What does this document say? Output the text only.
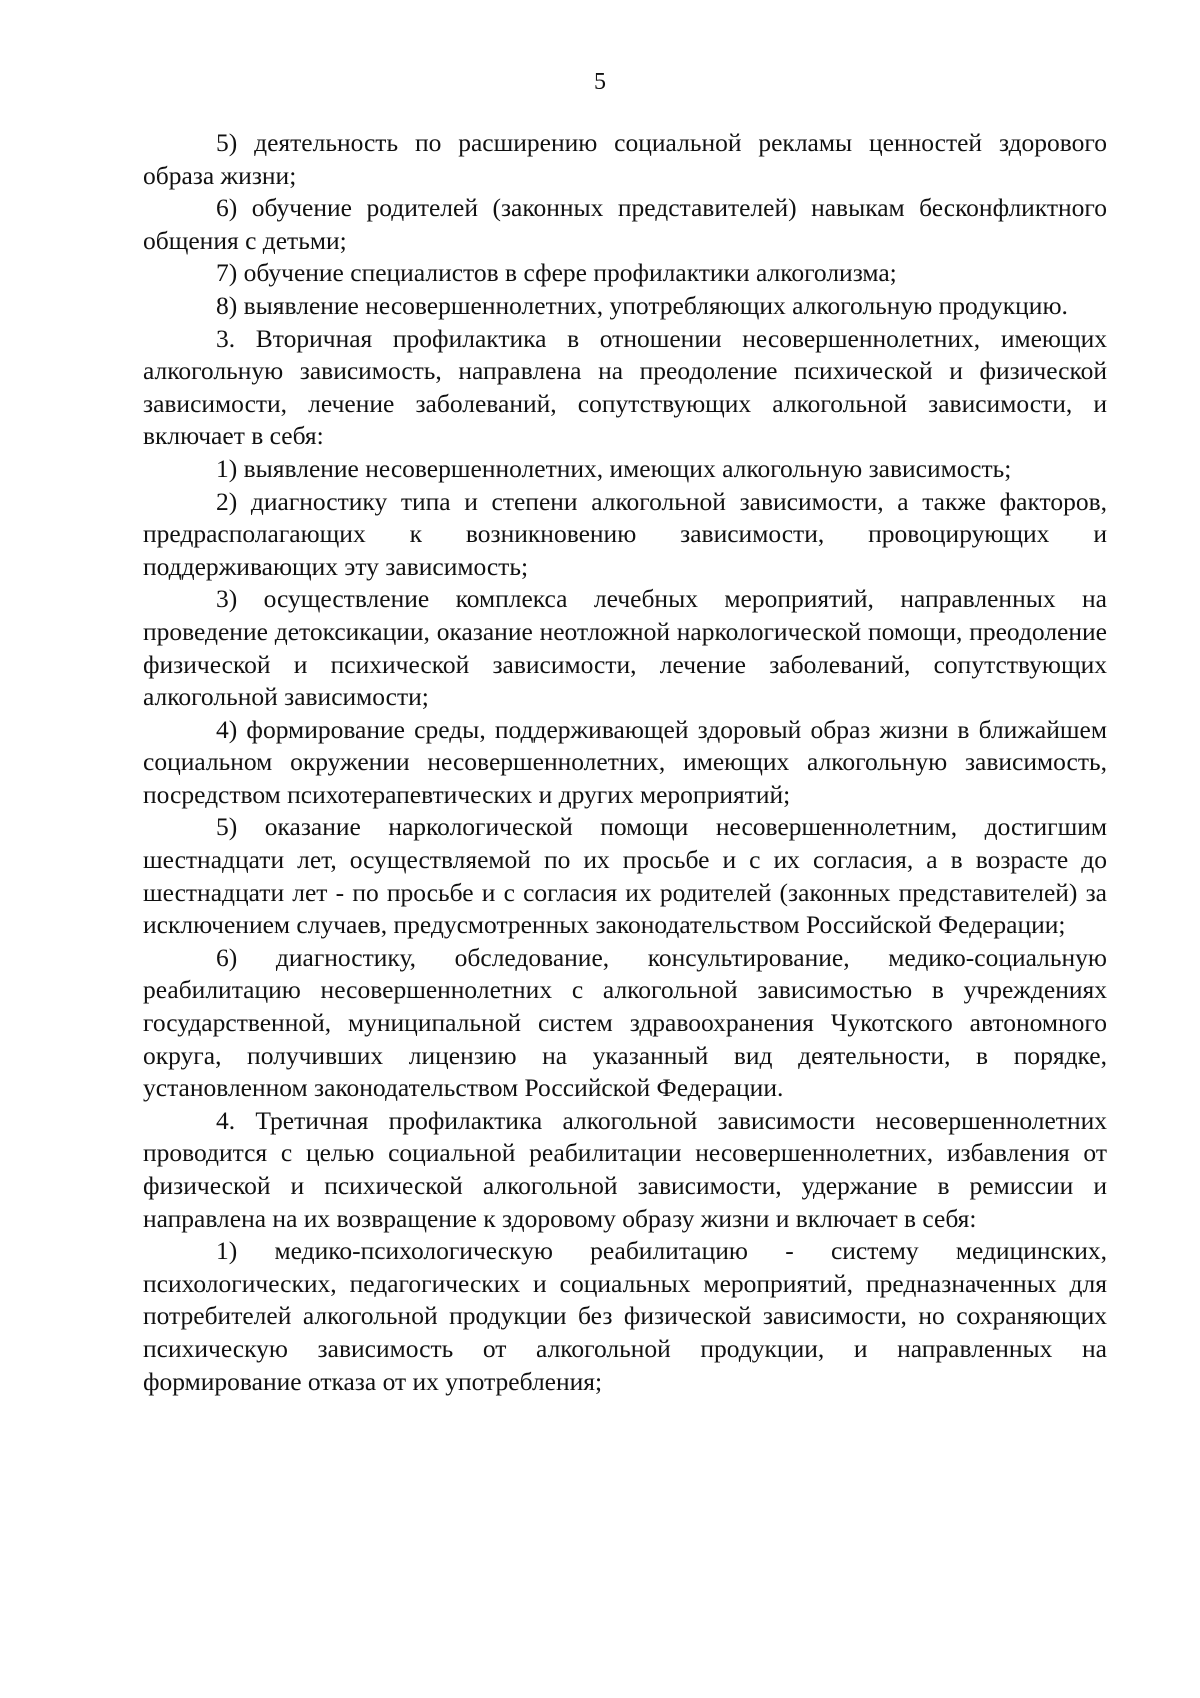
5

5) деятельность по расширению социальной рекламы ценностей здорового образа жизни;

6) обучение родителей (законных представителей) навыкам бесконфликтного общения с детьми;

7) обучение специалистов в сфере профилактики алкоголизма;

8) выявление несовершеннолетних, употребляющих алкогольную продукцию.

3. Вторичная профилактика в отношении несовершеннолетних, имеющих алкогольную зависимость, направлена на преодоление психической и физической зависимости, лечение заболеваний, сопутствующих алкогольной зависимости, и включает в себя:

1) выявление несовершеннолетних, имеющих алкогольную зависимость;

2) диагностику типа и степени алкогольной зависимости, а также факторов, предрасполагающих к возникновению зависимости, провоцирующих и поддерживающих эту зависимость;

3) осуществление комплекса лечебных мероприятий, направленных на проведение детоксикации, оказание неотложной наркологической помощи, преодоление физической и психической зависимости, лечение заболеваний, сопутствующих алкогольной зависимости;

4) формирование среды, поддерживающей здоровый образ жизни в ближайшем социальном окружении несовершеннолетних, имеющих алкогольную зависимость, посредством психотерапевтических и других мероприятий;

5) оказание наркологической помощи несовершеннолетним, достигшим шестнадцати лет, осуществляемой по их просьбе и с их согласия, а в возрасте до шестнадцати лет - по просьбе и с согласия их родителей (законных представителей) за исключением случаев, предусмотренных законодательством Российской Федерации;

6) диагностику, обследование, консультирование, медико-социальную реабилитацию несовершеннолетних с алкогольной зависимостью в учреждениях государственной, муниципальной систем здравоохранения Чукотского автономного округа, получивших лицензию на указанный вид деятельности, в порядке, установленном законодательством Российской Федерации.

4. Третичная профилактика алкогольной зависимости несовершеннолетних проводится с целью социальной реабилитации несовершеннолетних, избавления от физической и психической алкогольной зависимости, удержание в ремиссии и направлена на их возвращение к здоровому образу жизни и включает в себя:

1) медико-психологическую реабилитацию - систему медицинских, психологических, педагогических и социальных мероприятий, предназначенных для потребителей алкогольной продукции без физической зависимости, но сохраняющих психическую зависимость от алкогольной продукции, и направленных на формирование отказа от их употребления;
